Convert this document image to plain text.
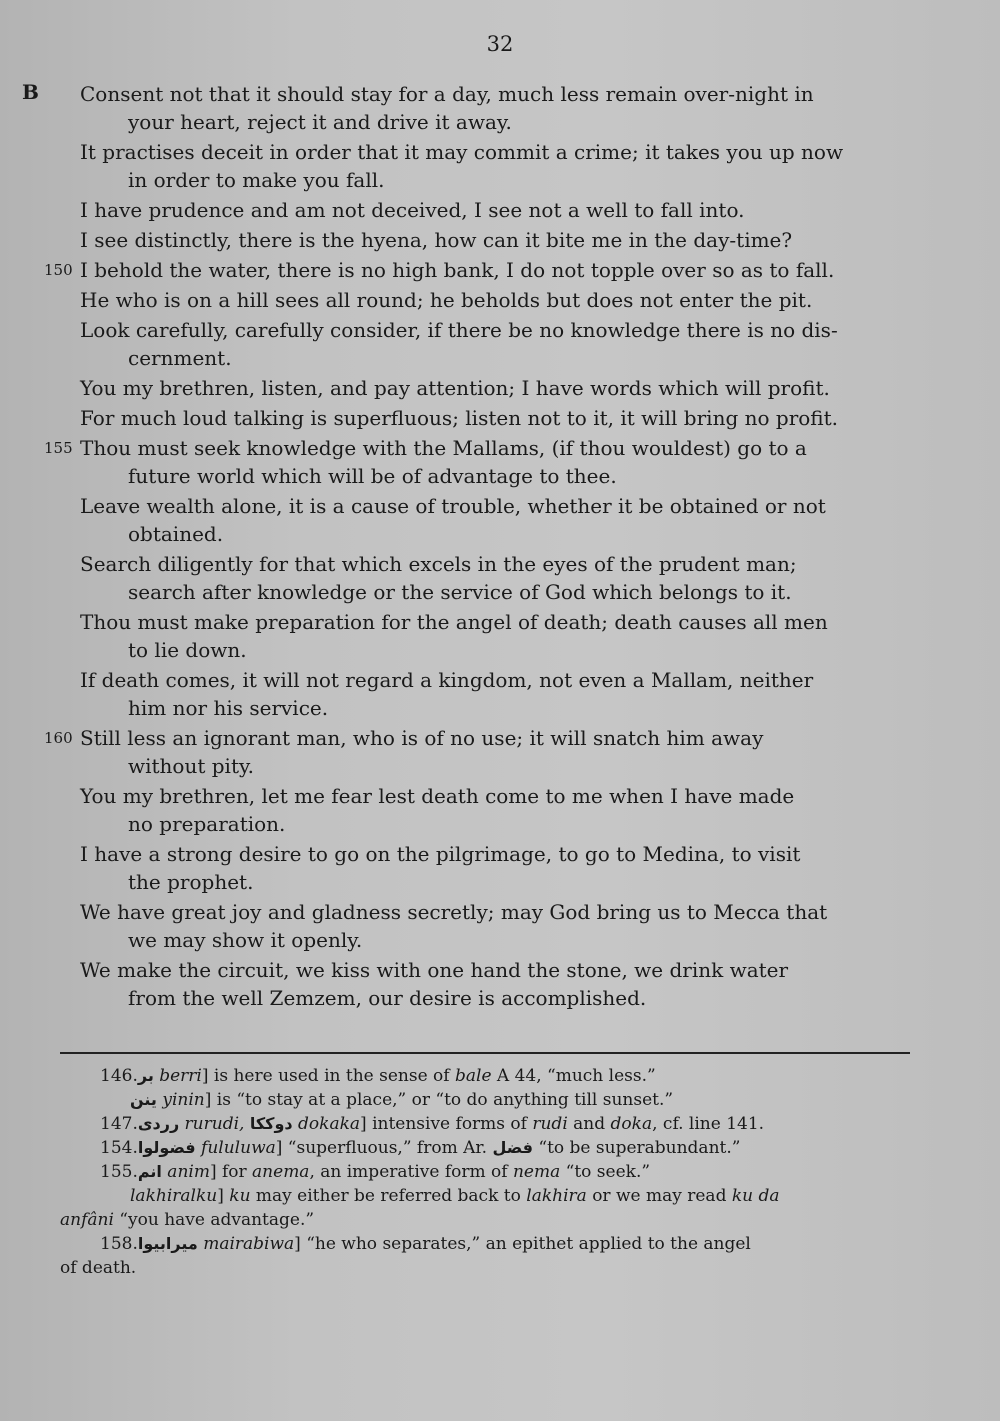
32
B Consent not that it should stay for a day, much less remain over-night in
your heart, reject it and drive it away.
It practises deceit in order that it may commit a crime; it takes you up now
in order to make you fall.
I have prudence and am not deceived, I see not a well to fall into.
I see distinctly, there is the hyena, how can it bite me in the day-time?
150 I behold the water, there is no high bank, I do not topple over so as to fall.
He who is on a hill sees all round; he beholds but does not enter the pit.
Look carefully, carefully consider, if there be no knowledge there is no dis-
cernment.
You my brethren, listen, and pay attention; I have words which will profit.
For much loud talking is superfluous; listen not to it, it will bring no profit.
155 Thou must seek knowledge with the Mallams, (if thou wouldest) go to a
future world which will be of advantage to thee.
Leave wealth alone, it is a cause of trouble, whether it be obtained or not
obtained.
Search diligently for that which excels in the eyes of the prudent man;
search after knowledge or the service of God which belongs to it.
Thou must make preparation for the angel of death; death causes all men
to lie down.
If death comes, it will not regard a kingdom, not even a Mallam, neither
him nor his service.
160 Still less an ignorant man, who is of no use; it will snatch him away
without pity.
You my brethren, let me fear lest death come to me when I have made
no preparation.
I have a strong desire to go on the pilgrimage, to go to Medina, to visit
the prophet.
We have great joy and gladness secretly; may God bring us to Mecca that
we may show it openly.
We make the circuit, we kiss with one hand the stone, we drink water
from the well Zemzem, our desire is accomplished.
146.بر berri] is here used in the sense of bale A 44, “much less.”
ينن yinin] is “to stay at a place,” or “to do anything till sunset.”
147.رردى rurudi, دوككا dokaka] intensive forms of rudi and doka, cf. line 141.
154.فضولوا fululuwa] “superfluous,” from Ar. فضل “to be superabundant.”
155.انم anim] for anema, an imperative form of nema “to seek.”
lakhiralku] ku may either be referred back to lakhira or we may read ku da
anfâni “you have advantage.”
158.ميرابيوا mairabiwa] “he who separates,” an epithet applied to the angel
of death.
